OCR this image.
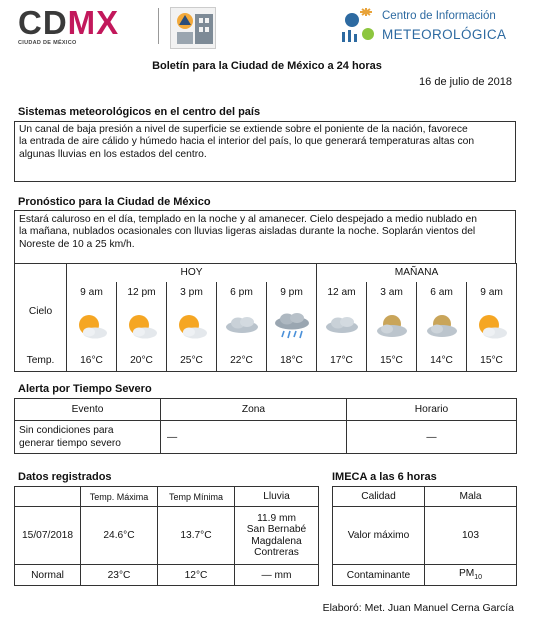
CDMX
CIUDAD DE MÉXICO
Centro de Información
METEOROLÓGICA
Boletín para la Ciudad de México a 24 horas
16 de julio de 2018
Sistemas meteorológicos en el centro del país
Un canal de baja presión a nivel de superficie se extiende sobre el poniente de la nación, favorece
la entrada de aire cálido y húmedo hacia el interior del país, lo que generará temperaturas altas con
algunas lluvias en los estados del centro.
Pronóstico para la Ciudad de México
Estará caluroso en el día, templado en la noche y al amanecer. Cielo despejado a medio nublado en
la mañana, nublados ocasionales con lluvias ligeras aisladas durante la noche. Soplarán vientos del
Noreste de 10 a 25 km/h.
	HOY					MAÑANA			
	9 am	12 pm	3 pm	6 pm	9 pm	12 am	3 am	6 am	9 am
Cielo	

Temp.	16°C	20°C	25°C	22°C	18°C	17°C	15°C	14°C	15°C
Alerta por Tiempo Severo
Evento	Zona	Horario

Sin condiciones para
generar tiempo severo	—	—
Datos registrados
	Temp. Máxima	Temp Mínima	Lluvia
15/07/2018	24.6°C	13.7°C	11.9 mm
San Bernabé
Magdalena
Contreras

Normal	23°C	12°C	— mm
IMECA a las 6 horas
Calidad	Mala
Valor máximo	103
Contaminante	$PM_{10}$
Elaboró: Met. Juan Manuel Cerna García
